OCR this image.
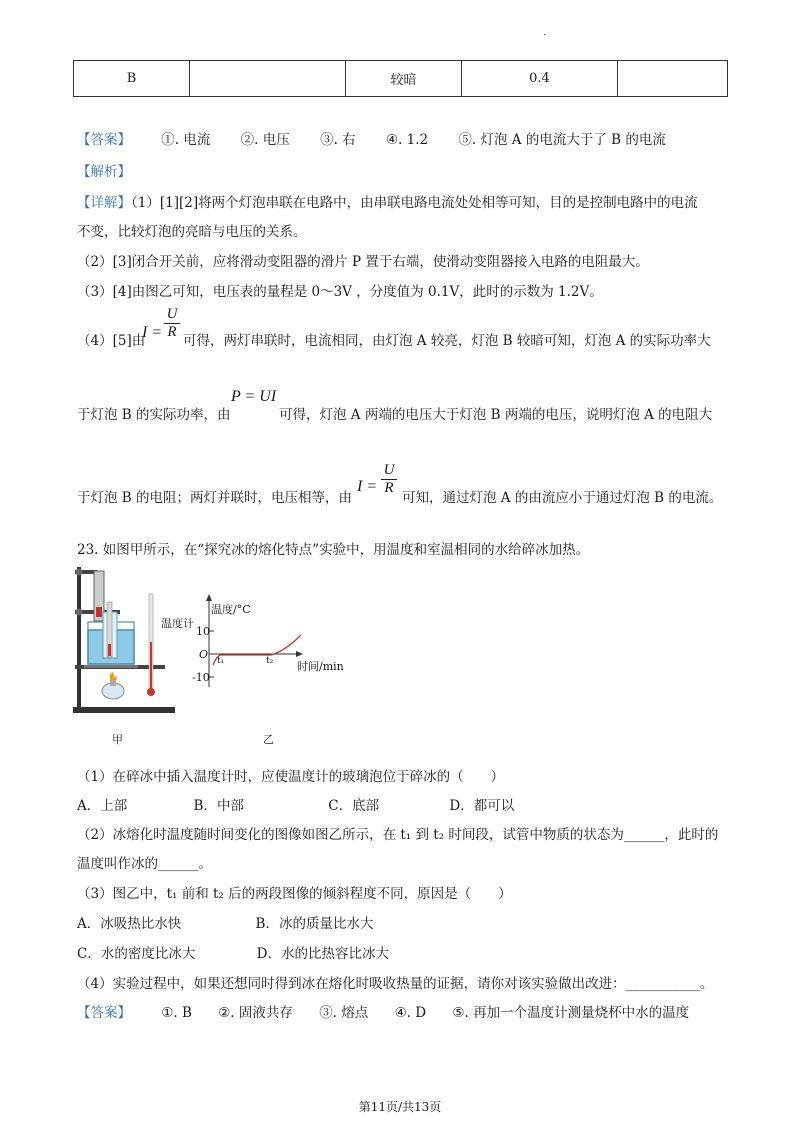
.
B		较暗	0.4	
【答案】 ①. 电流 ②. 电压 ③. 右 ④. 1.2 ⑤. 灯泡 A 的电流大于了 B 的电流
【解析】
【详解】（1）[1][2]将两个灯泡串联在电路中，由串联电路电流处处相等可知，目的是控制电路中的电流
不变，比较灯泡的亮暗与电压的关系。
（2）[3]闭合开关前，应将滑动变阻器的滑片 P 置于右端，使滑动变阻器接入电路的电阻最大。
（3）[4]由图乙可知，电压表的量程是 0～3V ，分度值为 0.1V，此时的示数为 1.2V。
（4）[5]由
I =
U
R
可得，两灯串联时，电流相同，由灯泡 A 较亮，灯泡 B 较暗可知，灯泡 A 的实际功率大
于灯泡 B 的实际功率，由
P = UI
可得，灯泡 A 两端的电压大于灯泡 B 两端的电压，说明灯泡 A 的电阻大
于灯泡 B 的电阻；两灯并联时，电压相等，由
I =
U
R
可知，通过灯泡 A 的由流应小于通过灯泡 B 的电流。
23. 如图甲所示，在“探究冰的熔化特点”实验中，用温度和室温相同的水给碎冰加热。
温度计
温度/°C
10
-10
O t₁	t₂ 时间/min
甲	乙
（1）在碎冰中插入温度计时，应使温度计的玻璃泡位于碎冰的（　　）
A．上部	B．中部	C．底部	D．都可以
（2）冰熔化时温度随时间变化的图像如图乙所示，在 t₁ 到 t₂ 时间段，试管中物质的状态为______，此时的
温度叫作冰的______。
（3）图乙中，t₁ 前和 t₂ 后的两段图像的倾斜程度不同，原因是（　　）
A．冰吸热比水快	B．冰的质量比水大
C．水的密度比冰大	D．水的比热容比冰大
（4）实验过程中，如果还想同时得到冰在熔化时吸收热量的证据，请你对该实验做出改进：___________。
【答案】 ①. B ②. 固液共存 ③. 熔点 ④. D ⑤. 再加一个温度计测量烧杯中水的温度
第11页/共13页
